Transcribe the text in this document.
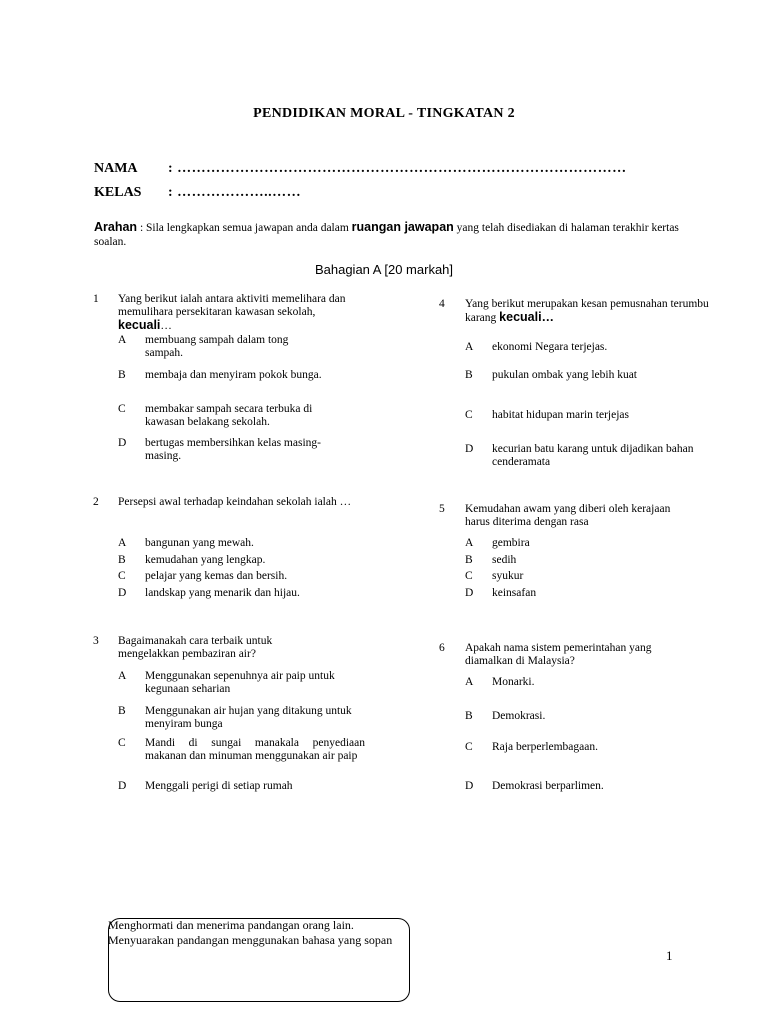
PENDIDIKAN MORAL - TINGKATAN 2
NAMA : …………………………………………………………………………………
KELAS : ………………..……
Arahan : Sila lengkapkan semua jawapan anda dalam ruangan jawapan yang telah disediakan di halaman terakhir kertas soalan.
Bahagian A [20 markah]
1	Yang berikut ialah antara aktiviti memelihara dan memulihara persekitaran kawasan sekolah,
kecuali…
A	membuang sampah dalam tong sampah.
B	membaja dan menyiram pokok bunga.
C	membakar sampah secara terbuka di kawasan belakang sekolah.
D	bertugas membersihkan kelas masing-masing.
2	Persepsi awal terhadap keindahan sekolah ialah …
A	bangunan yang mewah.
B	kemudahan yang lengkap.
C	pelajar yang kemas dan bersih.
D	landskap yang menarik dan hijau.
3	Bagaimanakah cara terbaik untuk mengelakkan pembaziran air?
A	Menggunakan sepenuhnya air paip untuk kegunaan seharian
B	Menggunakan air hujan yang ditakung untuk menyiram bunga
C	Mandi di sungai manakala penyediaan makanan dan minuman menggunakan air paip
D	Menggali perigi di setiap rumah
4	Yang berikut merupakan kesan pemusnahan terumbu karang kecuali…
A	ekonomi Negara terjejas.
B	pukulan ombak yang lebih kuat
C	habitat hidupan marin terjejas
D	kecurian batu karang untuk dijadikan bahan cenderamata
5	Kemudahan awam yang diberi oleh kerajaan harus diterima dengan rasa
A	gembira
B	sedih
C	syukur
D	keinsafan
6	Apakah nama sistem pemerintahan yang diamalkan di Malaysia?
A	Monarki.
B	Demokrasi.
C	Raja berperlembagaan.
D	Demokrasi berparlimen.
Menghormati dan menerima pandangan orang lain.
Menyuarakan pandangan menggunakan bahasa yang sopan
1
